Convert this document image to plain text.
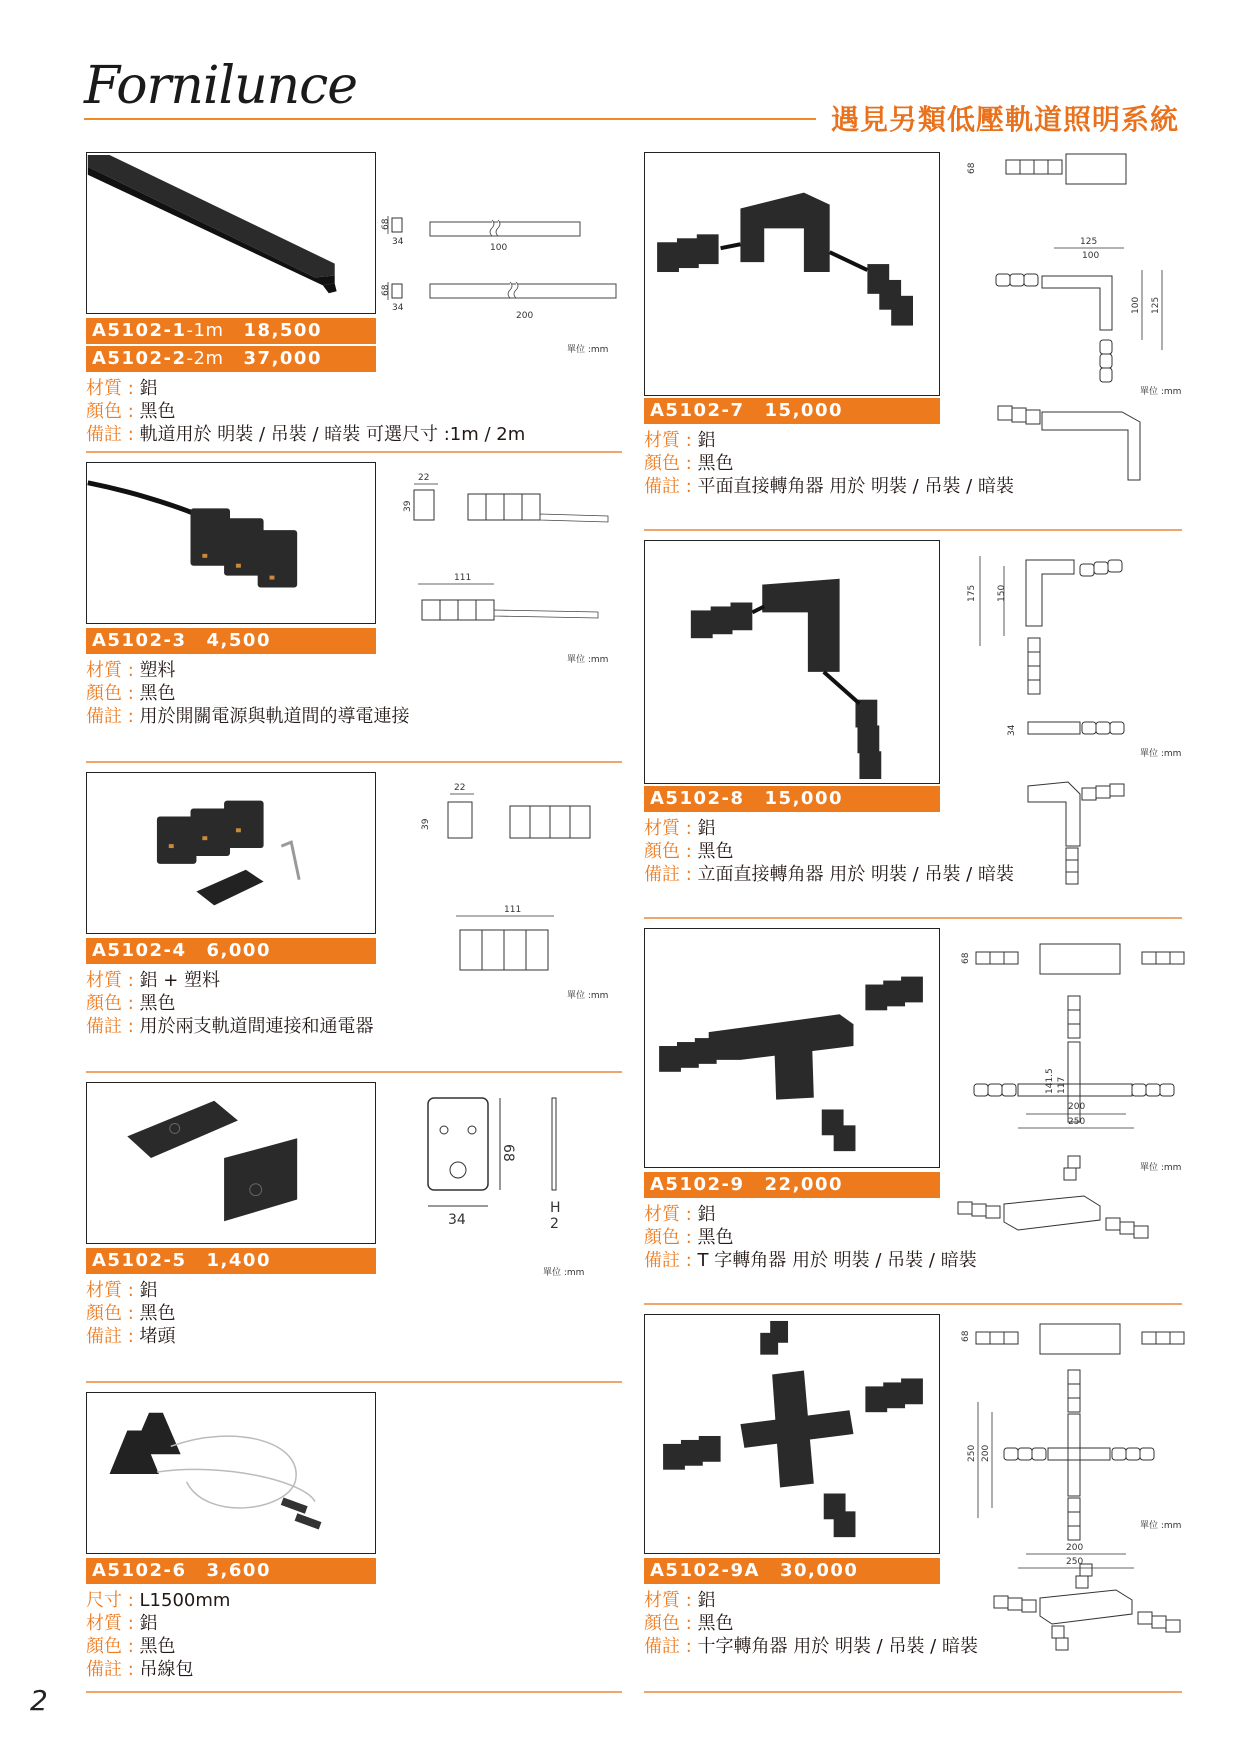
Fornilunce
遇見另類低壓軌道照明系統
68
34
100
68
34
200
單位 :mm
A5102-1-1m 18,500
A5102-2-2m 37,000
材質 : 鋁
顏色 : 黑色
備註 : 軌道用於 明裝 / 吊裝 / 暗裝 可選尺寸 :1m / 2m
22
39
111
單位 :mm
A5102-3 4,500
材質 : 塑料
顏色 : 黑色
備註 : 用於開關電源與軌道間的導電連接
22
39
111
單位 :mm
A5102-4 6,000
材質 : 鋁 + 塑料
顏色 : 黑色
備註 : 用於兩支軌道間連接和通電器
68
34
H
2
單位 :mm
A5102-5 1,400
材質 : 鋁
顏色 : 黑色
備註 : 堵頭
A5102-6 3,600
尺寸 : L1500mm
材質 : 鋁
顏色 : 黑色
備註 : 吊線包
68
125
100
100 125
單位 :mm
A5102-7 15,000
材質 : 鋁
顏色 : 黑色
備註 : 平面直接轉角器 用於 明裝 / 吊裝 / 暗裝
175 150
34
單位 :mm
A5102-8 15,000
材質 : 鋁
顏色 : 黑色
備註 : 立面直接轉角器 用於 明裝 / 吊裝 / 暗裝
68
141.5 117
200
250
單位 :mm
A5102-9 22,000
材質 : 鋁
顏色 : 黑色
備註 : T 字轉角器 用於 明裝 / 吊裝 / 暗裝
68
250 200
200
250
單位 :mm
A5102-9A 30,000
材質 : 鋁
顏色 : 黑色
備註 : 十字轉角器 用於 明裝 / 吊裝 / 暗裝
2
